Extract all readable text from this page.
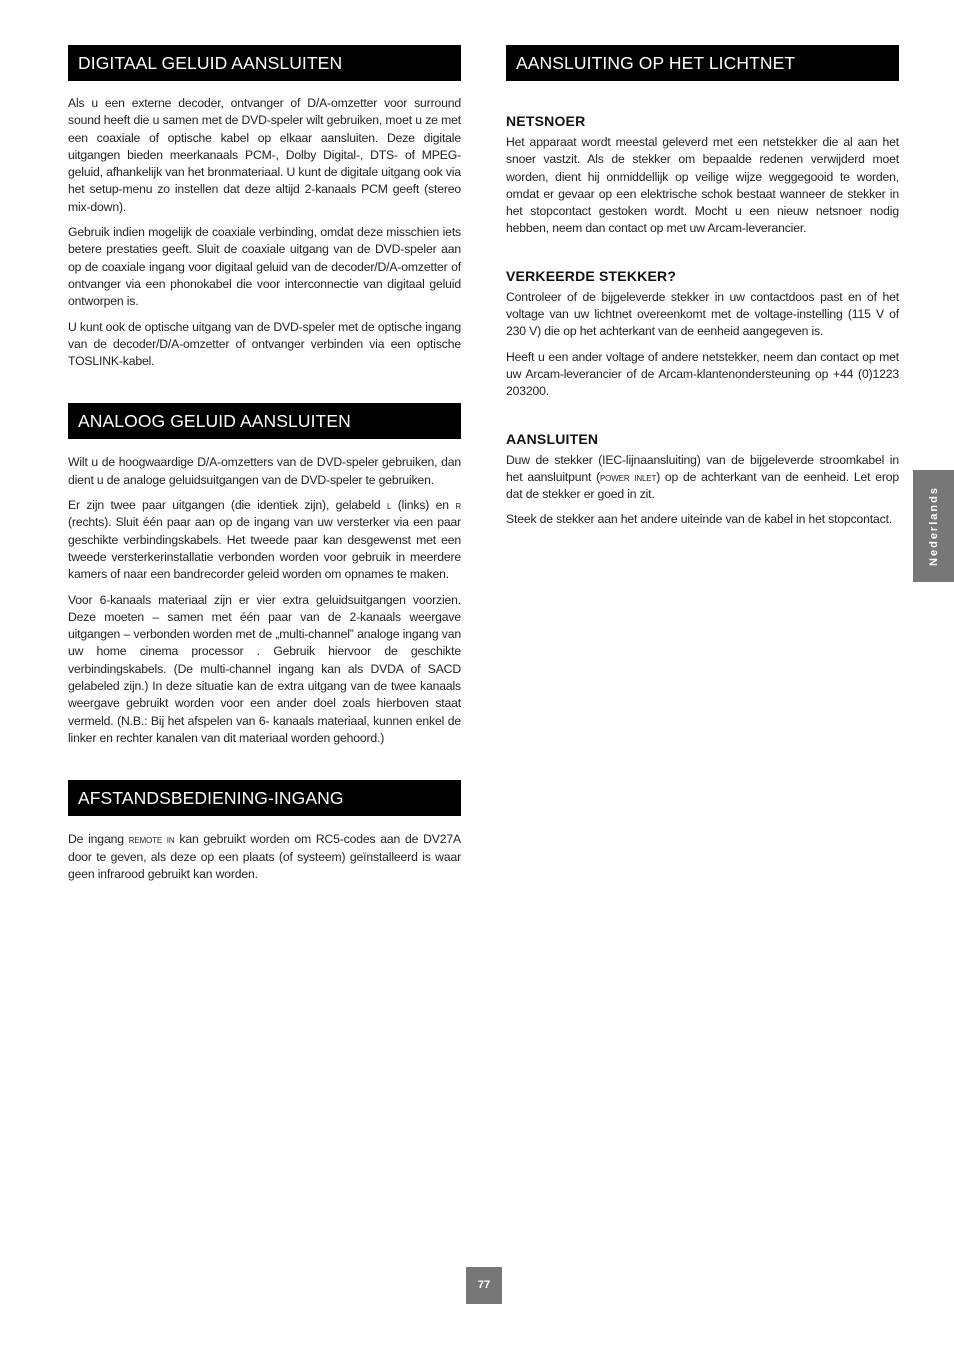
DIGITAAL GELUID AANSLUITEN

Als u een externe decoder, ontvanger of D/A-omzetter voor surround sound heeft die u samen met de DVD-speler wilt gebruiken, moet u ze met een coaxiale of optische kabel op elkaar aansluiten. Deze digitale uitgangen bieden meerkanaals PCM-, Dolby Digital-, DTS- of MPEG-geluid, afhankelijk van het bronmateriaal. U kunt de digitale uitgang ook via het setup-menu zo instellen dat deze altijd 2-kanaals PCM geeft (stereo mix-down).

Gebruik indien mogelijk de coaxiale verbinding, omdat deze misschien iets betere prestaties geeft. Sluit de coaxiale uitgang van de DVD-speler aan op de coaxiale ingang voor digitaal geluid van de decoder/D/A-omzetter of ontvanger via een phonokabel die voor interconnectie van digitaal geluid ontworpen is.

U kunt ook de optische uitgang van de DVD-speler met de optische ingang van de decoder/D/A-omzetter of ontvanger verbinden via een optische TOSLINK-kabel.

ANALOOG GELUID AANSLUITEN

Wilt u de hoogwaardige D/A-omzetters van de DVD-speler gebruiken, dan dient u de analoge geluidsuitgangen van de DVD-speler te gebruiken.

Er zijn twee paar uitgangen (die identiek zijn), gelabeld l (links) en r (rechts). Sluit één paar aan op de ingang van uw versterker via een paar geschikte verbindingskabels. Het tweede paar kan desgewenst met een tweede versterkerinstallatie verbonden worden voor gebruik in meerdere kamers of naar een bandrecorder geleid worden om opnames te maken.

Voor 6-kanaals materiaal zijn er vier extra geluidsuitgangen voorzien. Deze moeten – samen met één paar van de 2-kanaals weergave uitgangen – verbonden worden met de „multi-channel” analoge ingang van uw home cinema processor . Gebruik hiervoor de geschikte verbindingskabels. (De multi-channel ingang kan als DVDA of SACD gelabeled zijn.) In deze situatie kan de extra uitgang van de twee kanaals weergave gebruikt worden voor een ander doel zoals hierboven staat vermeld. (N.B.: Bij het afspelen van 6- kanaals materiaal, kunnen enkel de linker en rechter kanalen van dit materiaal worden gehoord.)

AFSTANDSBEDIENING-INGANG

De ingang remote in kan gebruikt worden om RC5-codes aan de DV27A door te geven, als deze op een plaats (of systeem) geïnstalleerd is waar geen infrarood gebruikt kan worden.

AANSLUITING OP HET LICHTNET
NETSNOER

Het apparaat wordt meestal geleverd met een netstekker die al aan het snoer vastzit. Als de stekker om bepaalde redenen verwijderd moet worden, dient hij onmiddellijk op veilige wijze weggegooid te worden, omdat er gevaar op een elektrische schok bestaat wanneer de stekker in het stopcontact gestoken wordt. Mocht u een nieuw netsnoer nodig hebben, neem dan contact op met uw Arcam-leverancier.

VERKEERDE STEKKER?

Controleer of de bijgeleverde stekker in uw contactdoos past en of het voltage van uw lichtnet overeenkomt met de voltage-instelling (115 V of 230 V) die op het achterkant van de eenheid aangegeven is.

Heeft u een ander voltage of andere netstekker, neem dan contact op met uw Arcam-leverancier of de Arcam-klantenondersteuning op +44 (0)1223 203200.

AANSLUITEN

Duw de stekker (IEC-lijnaansluiting) van de bijgeleverde stroomkabel in het aansluitpunt (power inlet) op de achterkant van de eenheid. Let erop dat de stekker er goed in zit.

Steek de stekker aan het andere uiteinde van de kabel in het stopcontact.	Nederlands
77
